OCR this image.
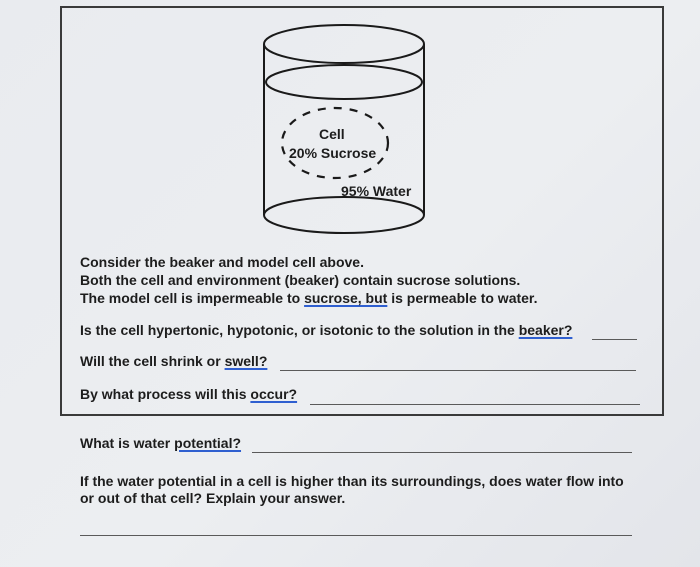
Cell
20% Sucrose
95% Water
Consider the beaker and model cell above.
Both the cell and environment (beaker) contain sucrose solutions.
The model cell is impermeable to sucrose, but is permeable to water.
Is the cell hypertonic, hypotonic, or isotonic to the solution in the beaker?
Will the cell shrink or swell?
By what process will this occur?
What is water potential?
If the water potential in a cell is higher than its surroundings, does water flow into
or out of that cell? Explain your answer.
